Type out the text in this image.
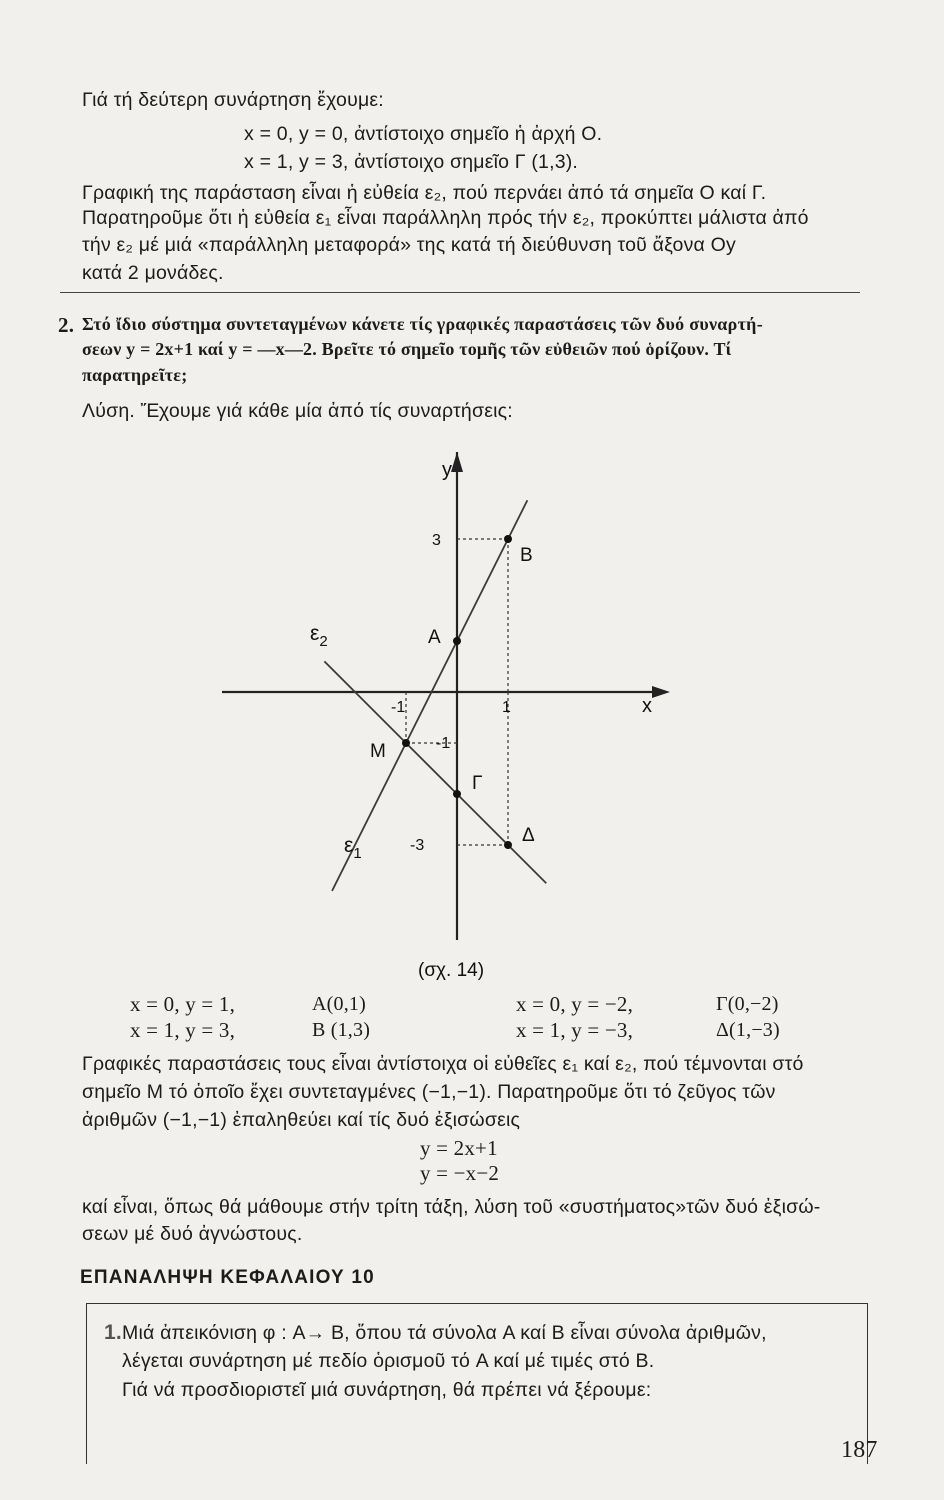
Γιά τή δεύτερη συνάρτηση ἔχουμε:
x = 0, y = 0, ἀντίστοιχο σημεῖο ἡ ἀρχή Ο.
x = 1, y = 3, ἀντίστοιχο σημεῖο Γ (1,3).
Γραφική της παράσταση εἶναι ἡ εὐθεία ε₂, πού περνάει ἀπό τά σημεῖα Ο καί Γ.
Παρατηροῦμε ὅτι ἡ εὐθεία ε₁ εἶναι παράλληλη πρός τήν ε₂, προκύπτει μάλιστα ἀπό
τήν ε₂ μέ μιά «παράλληλη μεταφορά» της κατά τή διεύθυνση τοῦ ἄξονα Οy
κατά 2 μονάδες.
2. Στό ἴδιο σύστημα συντεταγμένων κάνετε τίς γραφικές παραστάσεις τῶν δυό συναρτή-
σεων y = 2x+1 καί y = —x—2. Βρεῖτε τό σημεῖο τομῆς τῶν εὐθειῶν πού ὁρίζουν. Τί
παρατηρεῖτε;
Λύση. Ἔχουμε γιά κάθε μία ἀπό τίς συναρτήσεις:
y
x
3
1
-1
-1
-3
B
A
M
Γ
Δ
$\varepsilon_2$
$\varepsilon_1$
(σχ. 14)
x = 0, y = 1,	A(0,1)	x = 0, y = −2,	Γ(0,−2)
x = 1, y = 3,	B (1,3)	x = 1, y = −3,	Δ(1,−3)
Γραφικές παραστάσεις τους εἶναι ἀντίστοιχα οἱ εὐθεῖες ε₁ καί ε₂, πού τέμνονται στό
σημεῖο Μ τό ὁποῖο ἔχει συντεταγμένες (−1,−1). Παρατηροῦμε ὅτι τό ζεῦγος τῶν
ἀριθμῶν (−1,−1) ἐπαληθεύει καί τίς δυό ἐξισώσεις
y = 2x+1
y = −x−2
καί εἶναι, ὅπως θά μάθουμε στήν τρίτη τάξη, λύση τοῦ «συστήματος»τῶν δυό ἐξισώ-
σεων μέ δυό ἀγνώστους.
ΕΠΑΝΑΛΗΨΗ ΚΕΦΑΛΑΙΟΥ 10
1. Μιά ἀπεικόνιση φ : A→ B, ὅπου τά σύνολα A καί B εἶναι σύνολα ἀριθμῶν,
λέγεται συνάρτηση μέ πεδίο ὁρισμοῦ τό A καί μέ τιμές στό B.
Γιά νά προσδιοριστεῖ μιά συνάρτηση, θά πρέπει νά ξέρουμε:
187
